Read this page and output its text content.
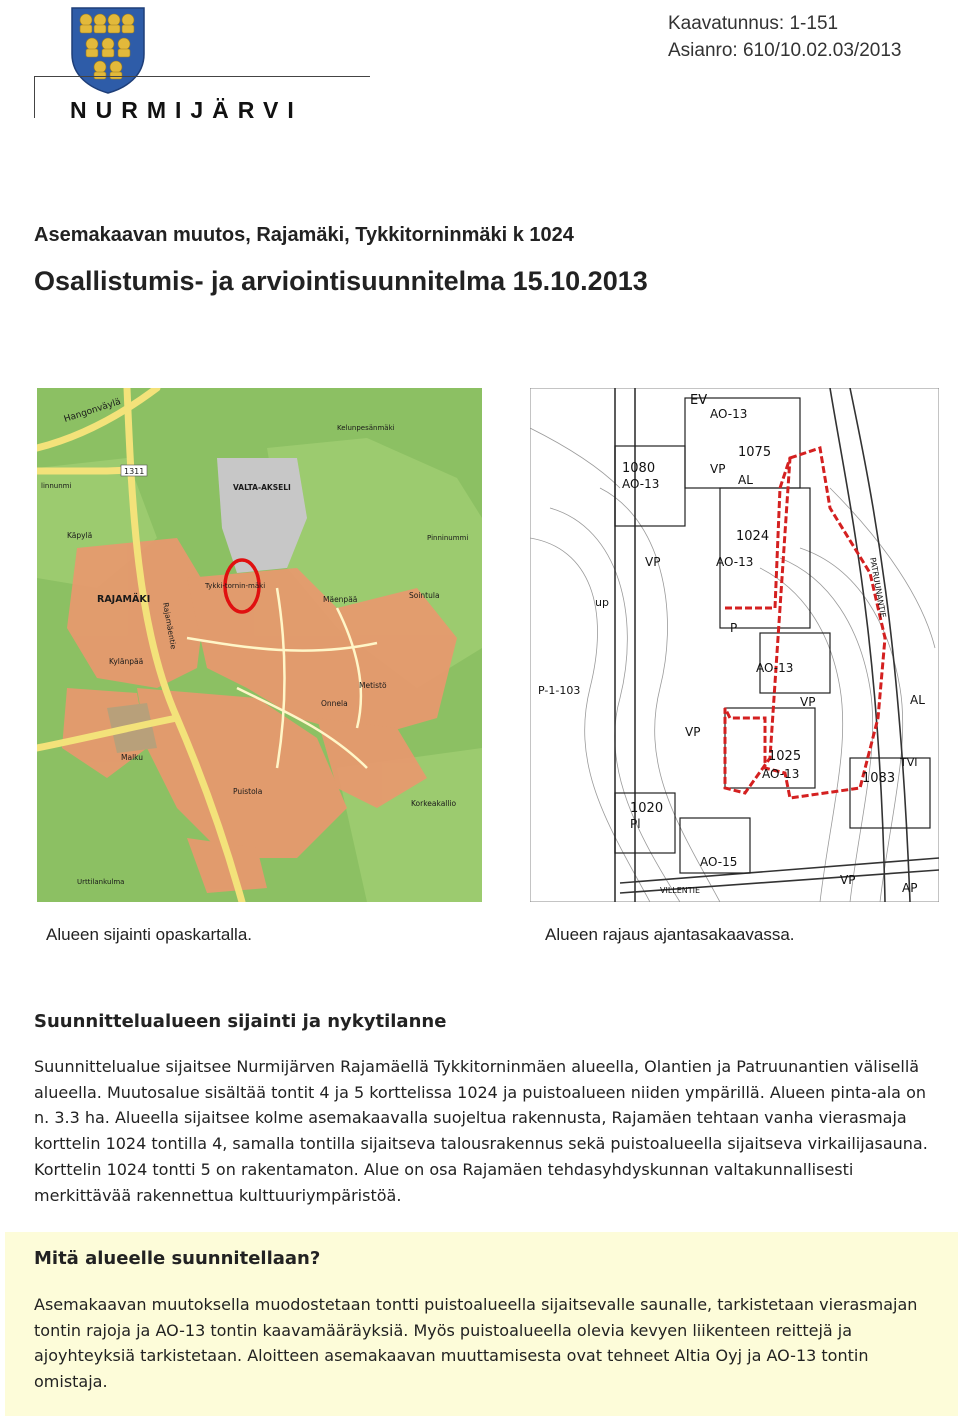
NURMIJÄRVI
Kaavatunnus: 1-151
Asianro: 610/10.02.03/2013
Asemakaavan muutos, Rajamäki, Tykkitorninmäki k 1024
Osallistumis- ja arviointisuunnitelma 15.10.2013
Hangonväylä
1311
linnunmi
RAJAMÄKI
VALTA-AKSELI
Tykki-tornin-mäki
Käpylä
Kylänpää
Rajamäentie
Mäenpää	Sointula
Metistö
Onnela
Malku
Puistola
Korkeakallio
Pinninummi
Kelunpesänmäki
Urttilankulma
EV
AO-13
1080
AO-13
VP
1075
AL
1024
AO-13
VP	PATRUUNANTIE
up
P
AO-13
P-1-103
VP
VP	AL
1025
AO-13	1083
TVI
1020
Pl
AO-15
VP
VILLENTIE	AP
Alueen sijainti opaskartalla.	Alueen rajaus ajantasakaavassa.
Suunnittelualueen sijainti ja nykytilanne

Suunnittelualue sijaitsee Nurmijärven Rajamäellä Tykkitorninmäen alueella, Olantien ja Patruunantien välisellä alueella. Muutosalue sisältää tontit 4 ja 5 korttelissa 1024 ja puistoalueen niiden ympärillä. Alueen pinta-ala on n. 3.3 ha. Alueella sijaitsee kolme asemakaavalla suojeltua rakennusta, Rajamäen tehtaan vanha vierasmaja korttelin 1024 tontilla 4, samalla tontilla sijaitseva talousrakennus sekä puistoalueella sijaitseva virkailijasauna. Korttelin 1024 tontti 5 on rakentamaton. Alue on osa Rajamäen tehdasyhdyskunnan valtakunnallisesti merkittävää rakennettua kulttuuriympäristöä.

Mitä alueelle suunnitellaan?

Asemakaavan muutoksella muodostetaan tontti puistoalueella sijaitsevalle saunalle, tarkistetaan vierasmajan tontin rajoja ja AO-13 tontin kaavamääräyksiä. Myös puistoalueella olevia kevyen liikenteen reittejä ja ajoyhteyksiä tarkistetaan. Aloitteen asemakaavan muuttamisesta ovat tehneet Altia Oyj ja AO-13 tontin omistaja.
